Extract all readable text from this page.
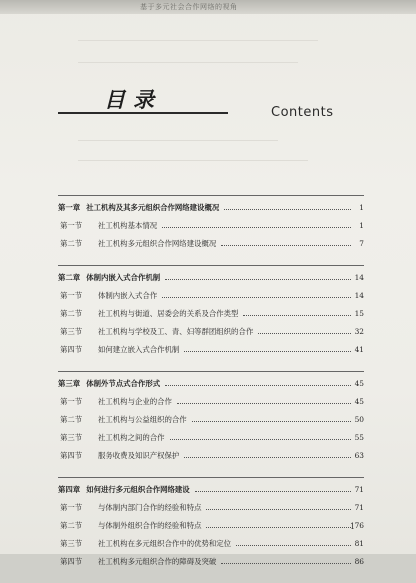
基于多元社会合作网络的视角
目录
Contents
第一章 社工机构及其多元组织合作网络建设概况	1
第一节 社工机构基本情况	1
第二节 社工机构多元组织合作网络建设概况	7
第二章 体制内嵌入式合作机制	14
第一节 体制内嵌入式合作	14
第二节 社工机构与街道、居委会的关系及合作类型	15
第三节 社工机构与学校及工、青、妇等群团组织的合作	32
第四节 如何建立嵌入式合作机制	41
第三章 体制外节点式合作形式	45
第一节 社工机构与企业的合作	45
第二节 社工机构与公益组织的合作	50
第三节 社工机构之间的合作	55
第四节 服务收费及知识产权保护	63
第四章 如何进行多元组织合作网络建设	71
第一节 与体制内部门合作的经验和特点	71
第二节 与体制外组织合作的经验和特点	76
第三节 社工机构在多元组织合作中的优势和定位	81
第四节 社工机构多元组织合作的障碍及突破	86
1
